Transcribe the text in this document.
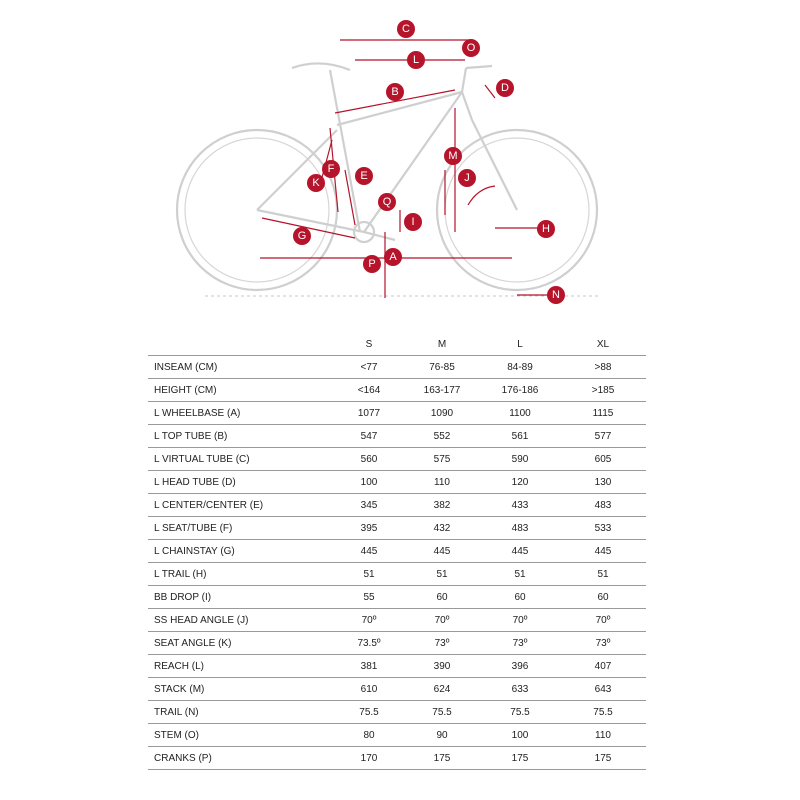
C
O
L
D
B
M
F
E	J
K
Q
I
H
G
A
P
N
	S	M	L	XL
INSEAM (CM)	<77	76-85	84-89	>88
HEIGHT (CM)	<164	163-177	176-186	>185
L WHEELBASE (A)	1077	1090	1100	1115
L TOP TUBE (B)	547	552	561	577
L VIRTUAL TUBE (C)	560	575	590	605
L HEAD TUBE (D)	100	110	120	130
L CENTER/CENTER (E)	345	382	433	483
L SEAT/TUBE (F)	395	432	483	533
L CHAINSTAY (G)	445	445	445	445
L TRAIL (H)	51	51	51	51
BB DROP (I)	55	60	60	60
SS HEAD ANGLE (J)	70º	70º	70º	70º
SEAT ANGLE (K)	73.5º	73º	73º	73º
REACH (L)	381	390	396	407
STACK (M)	610	624	633	643
TRAIL (N)	75.5	75.5	75.5	75.5
STEM (O)	80	90	100	110
CRANKS (P)	170	175	175	175
